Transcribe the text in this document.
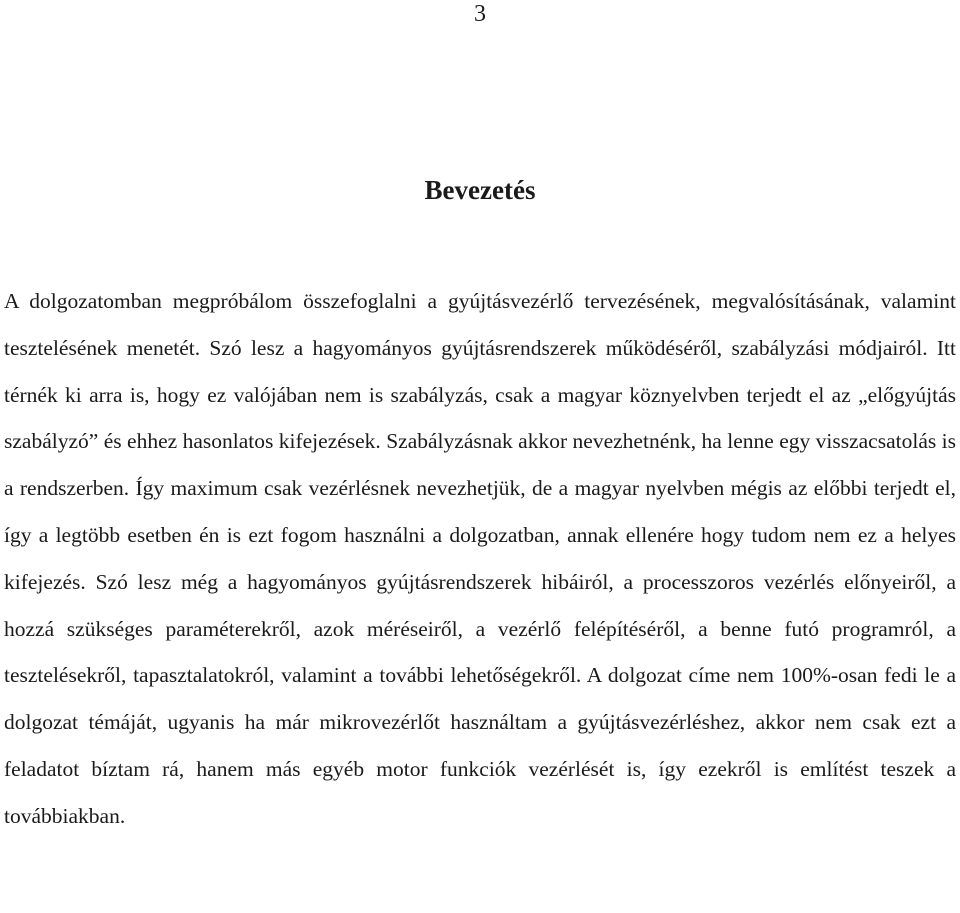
3
Bevezetés

A dolgozatomban megpróbálom összefoglalni a gyújtásvezérlő tervezésének, megvalósításának, valamint tesztelésének menetét. Szó lesz a hagyományos gyújtásrendszerek működéséről, szabályzási módjairól. Itt térnék ki arra is, hogy ez valójában nem is szabályzás, csak a magyar köznyelvben terjedt el az „előgyújtás szabályzó” és ehhez hasonlatos kifejezések. Szabályzásnak akkor nevezhetnénk, ha lenne egy visszacsatolás is a rendszerben. Így maximum csak vezérlésnek nevezhetjük, de a magyar nyelvben mégis az előbbi terjedt el, így a legtöbb esetben én is ezt fogom használni a dolgozatban, annak ellenére hogy tudom nem ez a helyes kifejezés. Szó lesz még a hagyományos gyújtásrendszerek hibáiról, a processzoros vezérlés előnyeiről, a hozzá szükséges paraméterekről, azok méréseiről, a vezérlő felépítéséről, a benne futó programról, a tesztelésekről, tapasztalatokról, valamint a további lehetőségekről. A dolgozat címe nem 100%-osan fedi le a dolgozat témáját, ugyanis ha már mikrovezérlőt használtam a gyújtásvezérléshez, akkor nem csak ezt a feladatot bíztam rá, hanem más egyéb motor funkciók vezérlését is, így ezekről is említést teszek a továbbiakban.
